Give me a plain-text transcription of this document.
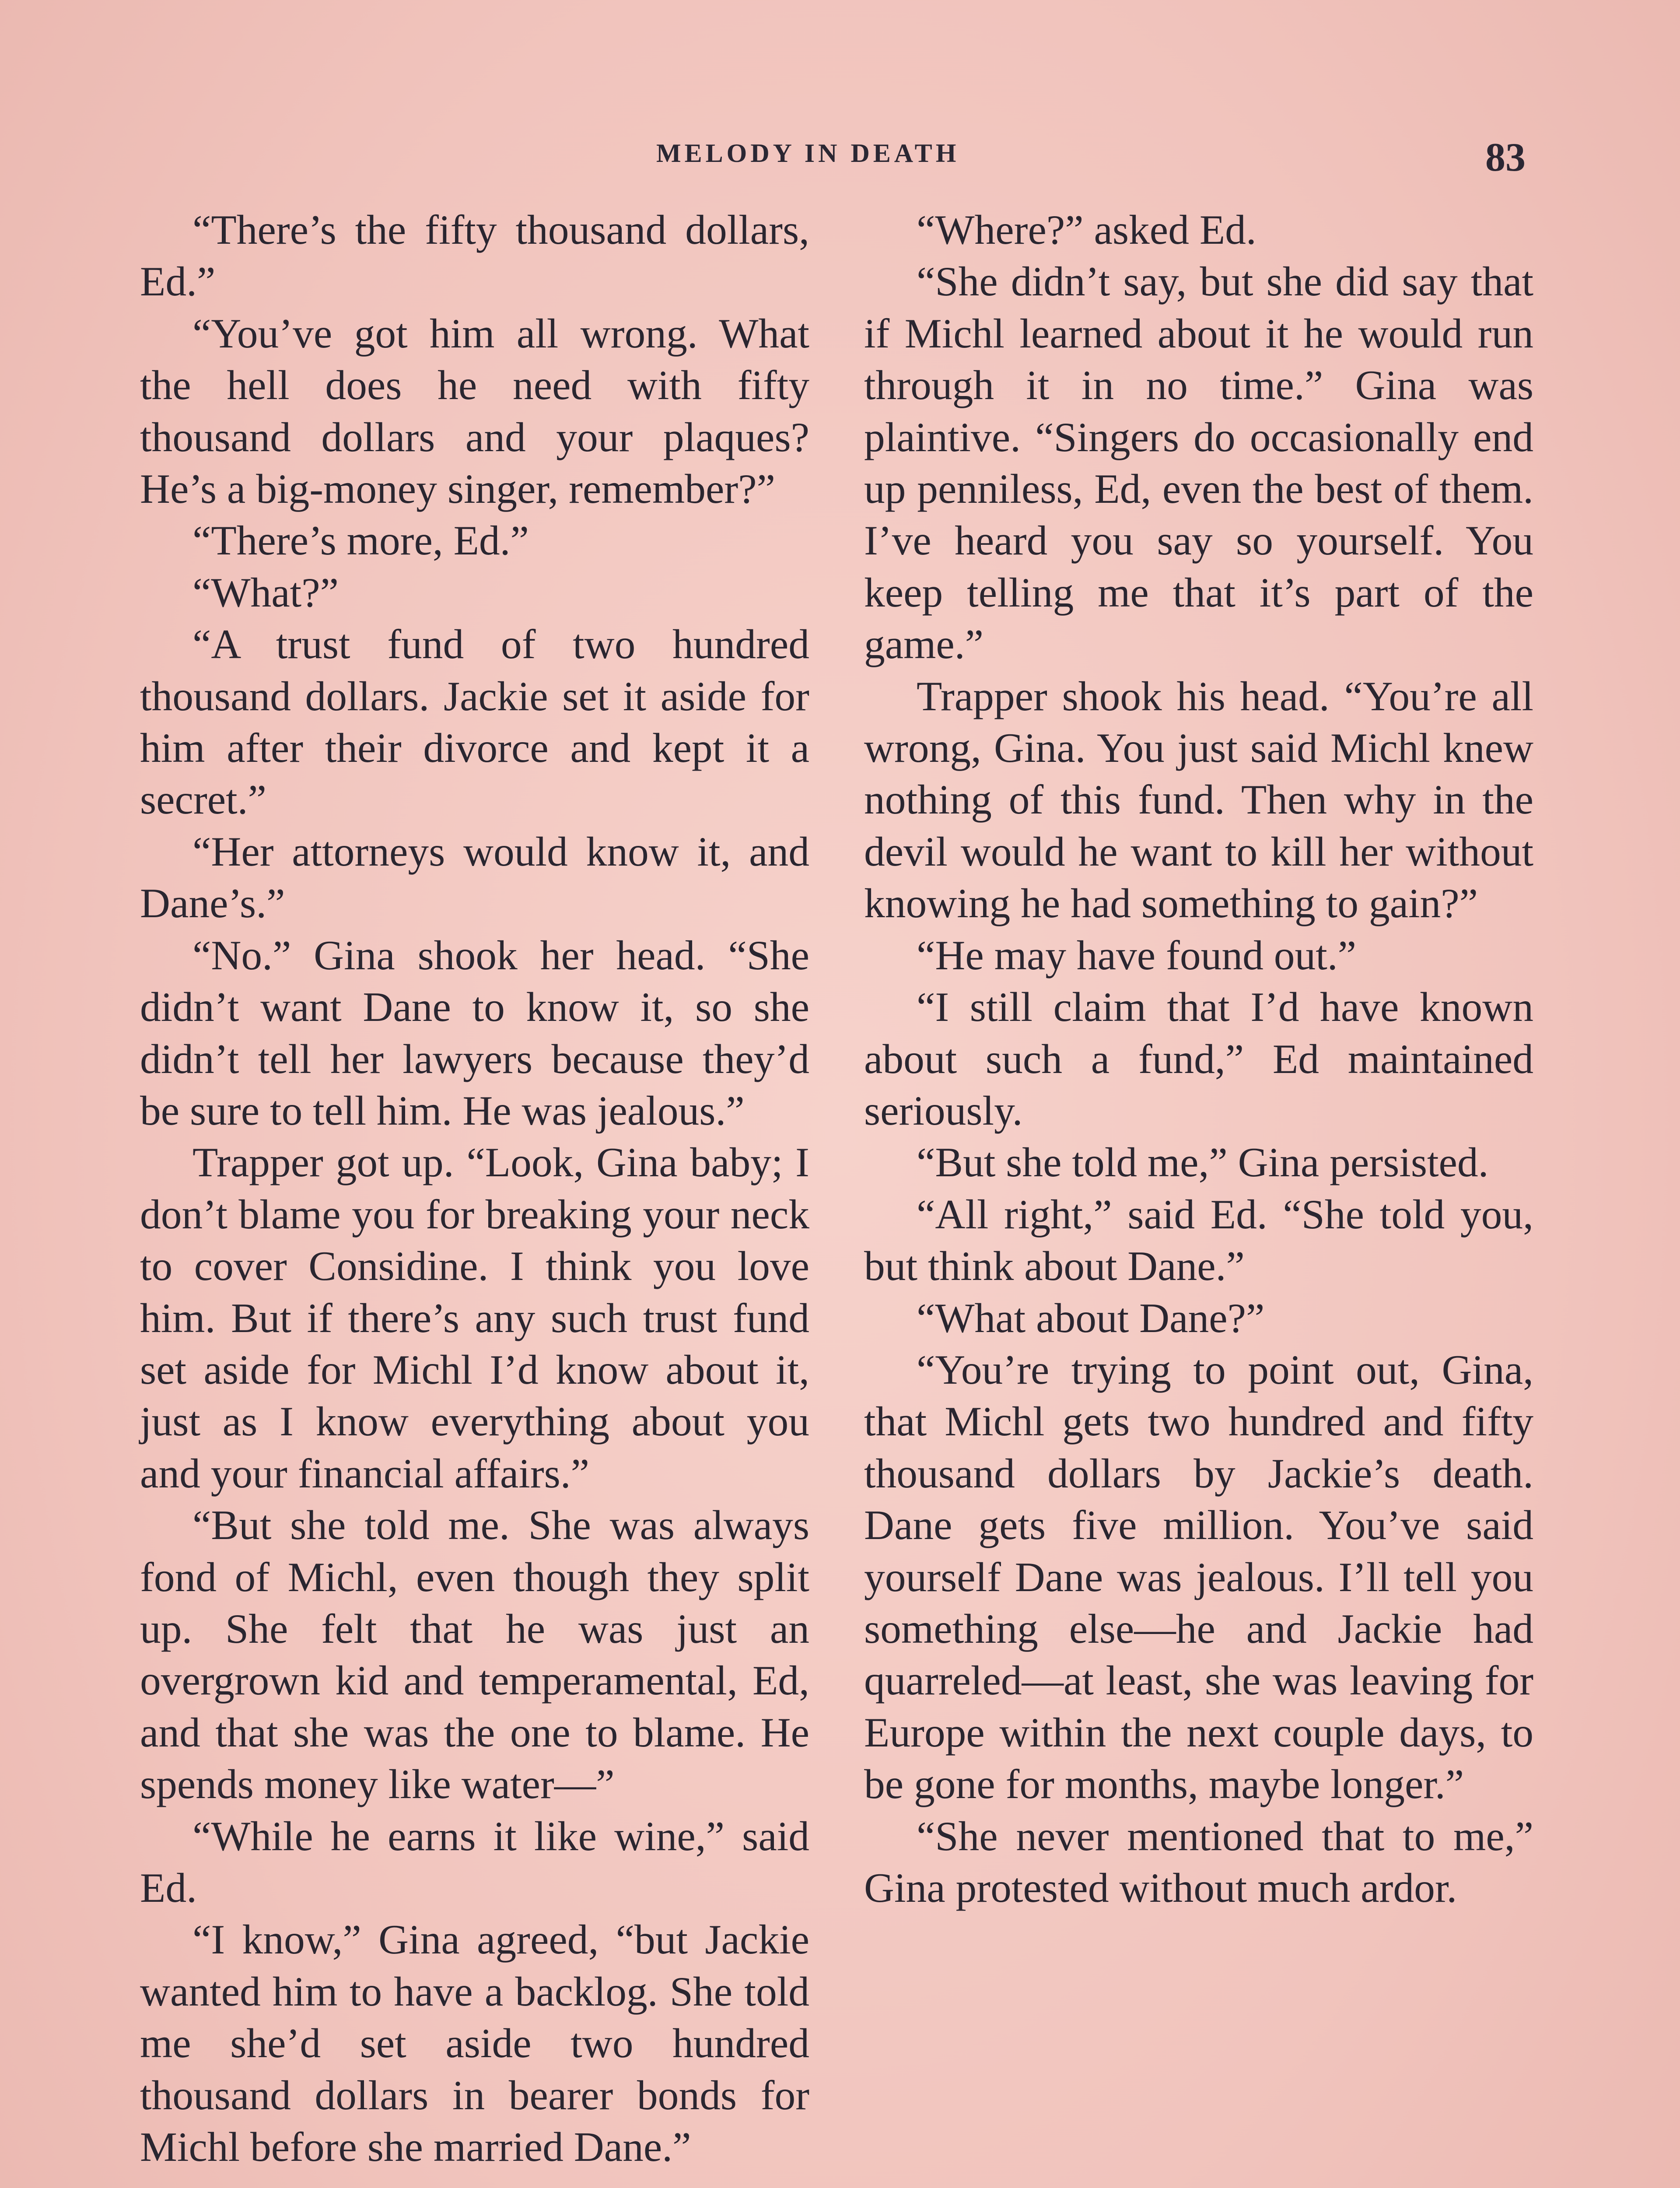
MELODY IN DEATH	83

“There’s the fifty thousand dollars, Ed.”

“You’ve got him all wrong. What the hell does he need with fifty thousand dollars and your plaques? He’s a big-money singer, remember?”

“There’s more, Ed.”

“What?”

“A trust fund of two hundred thousand dollars. Jackie set it aside for him after their divorce and kept it a secret.”

“Her attorneys would know it, and Dane’s.”

“No.” Gina shook her head. “She didn’t want Dane to know it, so she didn’t tell her lawyers because they’d be sure to tell him. He was jealous.”

Trapper got up. “Look, Gina baby; I don’t blame you for breaking your neck to cover Considine. I think you love him. But if there’s any such trust fund set aside for Michl I’d know about it, just as I know everything about you and your financial affairs.”

“But she told me. She was always fond of Michl, even though they split up. She felt that he was just an overgrown kid and temperamental, Ed, and that she was the one to blame. He spends money like water—”

“While he earns it like wine,” said Ed.

“I know,” Gina agreed, “but Jackie wanted him to have a backlog. She told me she’d set aside two hundred thousand dollars in bearer bonds for Michl before she married Dane.”

“Where?” asked Ed.

“She didn’t say, but she did say that if Michl learned about it he would run through it in no time.” Gina was plaintive. “Singers do occasionally end up penniless, Ed, even the best of them. I’ve heard you say so yourself. You keep telling me that it’s part of the game.”

Trapper shook his head. “You’re all wrong, Gina. You just said Michl knew nothing of this fund. Then why in the devil would he want to kill her without knowing he had something to gain?”

“He may have found out.”

“I still claim that I’d have known about such a fund,” Ed maintained seriously.

“But she told me,” Gina persisted.

“All right,” said Ed. “She told you, but think about Dane.”

“What about Dane?”

“You’re trying to point out, Gina, that Michl gets two hundred and fifty thousand dollars by Jackie’s death. Dane gets five million. You’ve said yourself Dane was jealous. I’ll tell you something else—he and Jackie had quarreled—at least, she was leaving for Europe within the next couple days, to be gone for months, maybe longer.”

“She never mentioned that to me,” Gina protested without much ardor.
